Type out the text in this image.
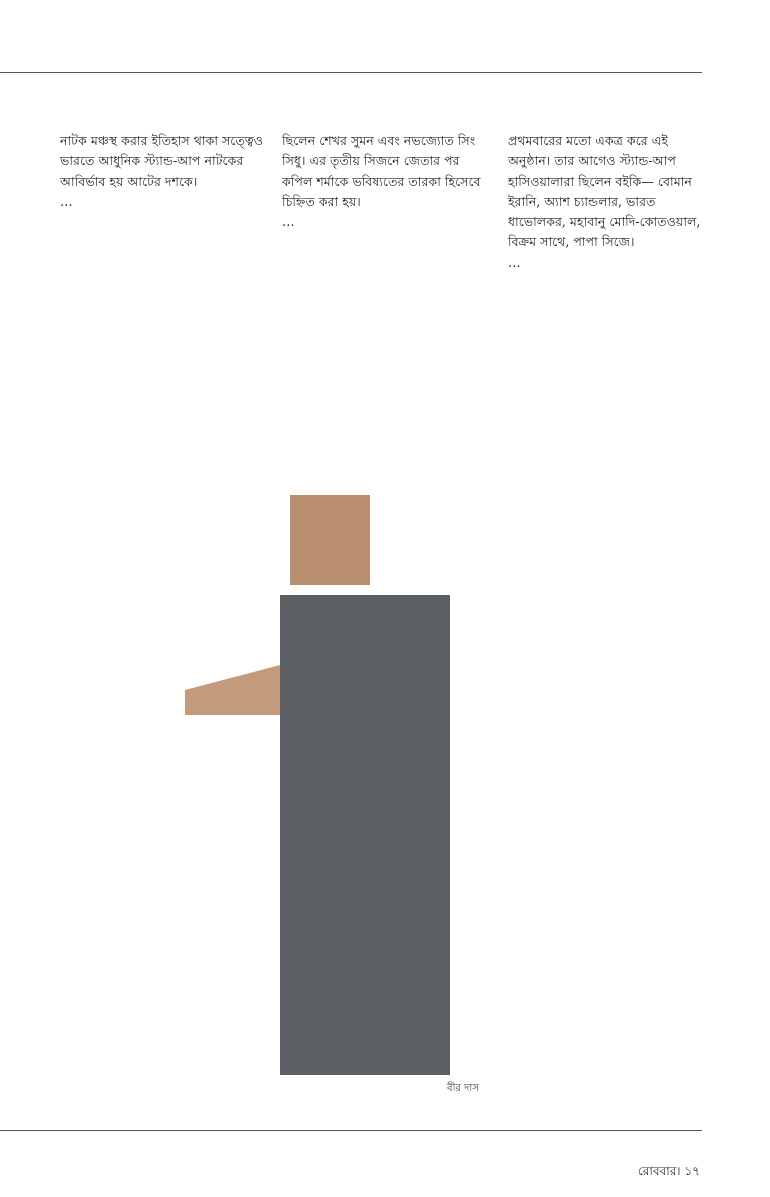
নাটক মঞ্চস্থ করার ইতিহাস থাকা সত্ত্বেও ভারতে আধুনিক স্ট্যান্ড-আপ নাটকের আবির্ভাব হয় আটের দশকে।

…

ছিলেন শেখর সুমন এবং নভজ্যোত সিং সিধু। এর তৃতীয় সিজনে জেতার পর কপিল শর্মাকে ভবিষ্যতের তারকা হিসেবে চিহ্নিত করা হয়।

…

প্রথমবারের মতো একত্র করে এই অনুষ্ঠান। তার আগেও স্ট্যান্ড-আপ হাসিওয়ালারা ছিলেন বইকি— বোমান ইরানি, অ্যাশ চ্যান্ডলার, ভারত ধাভোলকর, মহাবানু মোদি-কোতওয়াল, বিক্রম সাথে, পাপা সিজে।

…

বীর দাস
রোববার। ১৭
